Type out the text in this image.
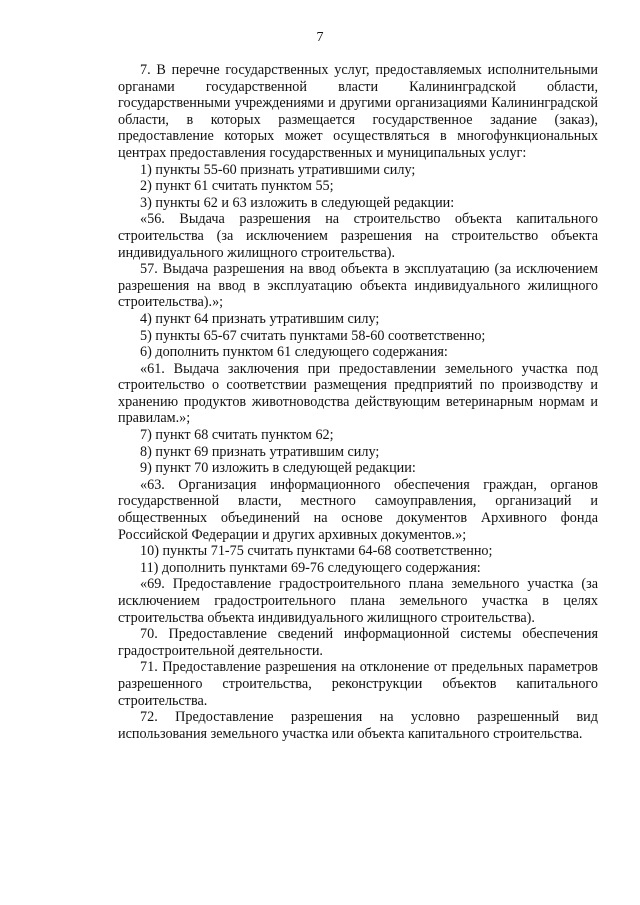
7

7. В перечне государственных услуг, предоставляемых исполнительными органами государственной власти Калининградской области, государственными учреждениями и другими организациями Калининградской области, в которых размещается государственное задание (заказ), предоставление которых может осуществляться в многофункциональных центрах предоставления государственных и муниципальных услуг:

1) пункты 55-60 признать утратившими силу;

2) пункт 61 считать пунктом 55;

3) пункты 62 и 63 изложить в следующей редакции:

«56. Выдача разрешения на строительство объекта капитального строительства (за исключением разрешения на строительство объекта индивидуального жилищного строительства).

57. Выдача разрешения на ввод объекта в эксплуатацию (за исключением разрешения на ввод в эксплуатацию объекта индивидуального жилищного строительства).»;

4) пункт 64 признать утратившим силу;

5) пункты 65-67 считать пунктами 58-60 соответственно;

6) дополнить пунктом 61 следующего содержания:

«61. Выдача заключения при предоставлении земельного участка под строительство о соответствии размещения предприятий по производству и хранению продуктов животноводства действующим ветеринарным нормам и правилам.»;

7) пункт 68 считать пунктом 62;

8) пункт 69 признать утратившим силу;

9) пункт 70 изложить в следующей редакции:

«63. Организация информационного обеспечения граждан, органов государственной власти, местного самоуправления, организаций и общественных объединений на основе документов Архивного фонда Российской Федерации и других архивных документов.»;

10) пункты 71-75 считать пунктами 64-68 соответственно;

11) дополнить пунктами 69-76 следующего содержания:

«69. Предоставление градостроительного плана земельного участка (за исключением градостроительного плана земельного участка в целях строительства объекта индивидуального жилищного строительства).

70. Предоставление сведений информационной системы обеспечения градостроительной деятельности.

71. Предоставление разрешения на отклонение от предельных параметров разрешенного строительства, реконструкции объектов капитального строительства.

72. Предоставление разрешения на условно разрешенный вид использования земельного участка или объекта капитального строительства.
